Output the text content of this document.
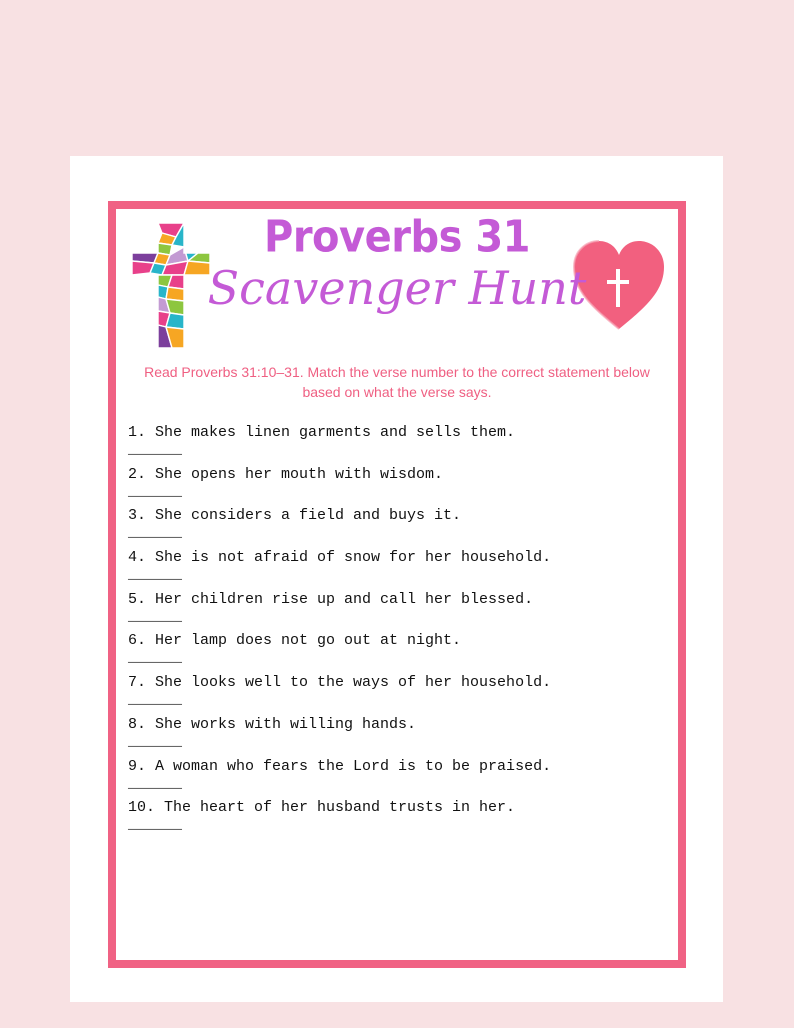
Proverbs 31
Scavenger Hunt

Read Proverbs 31:10–31. Match the verse number to the correct statement below based on what the verse says.

1. She makes linen garments and sells them.
______
2. She opens her mouth with wisdom.
______
3. She considers a field and buys it.
______
4. She is not afraid of snow for her household.
______
5. Her children rise up and call her blessed.
______
6. Her lamp does not go out at night.
______
7. She looks well to the ways of her household.
______
8. She works with willing hands.
______
9. A woman who fears the Lord is to be praised.
______
10. The heart of her husband trusts in her.
______
